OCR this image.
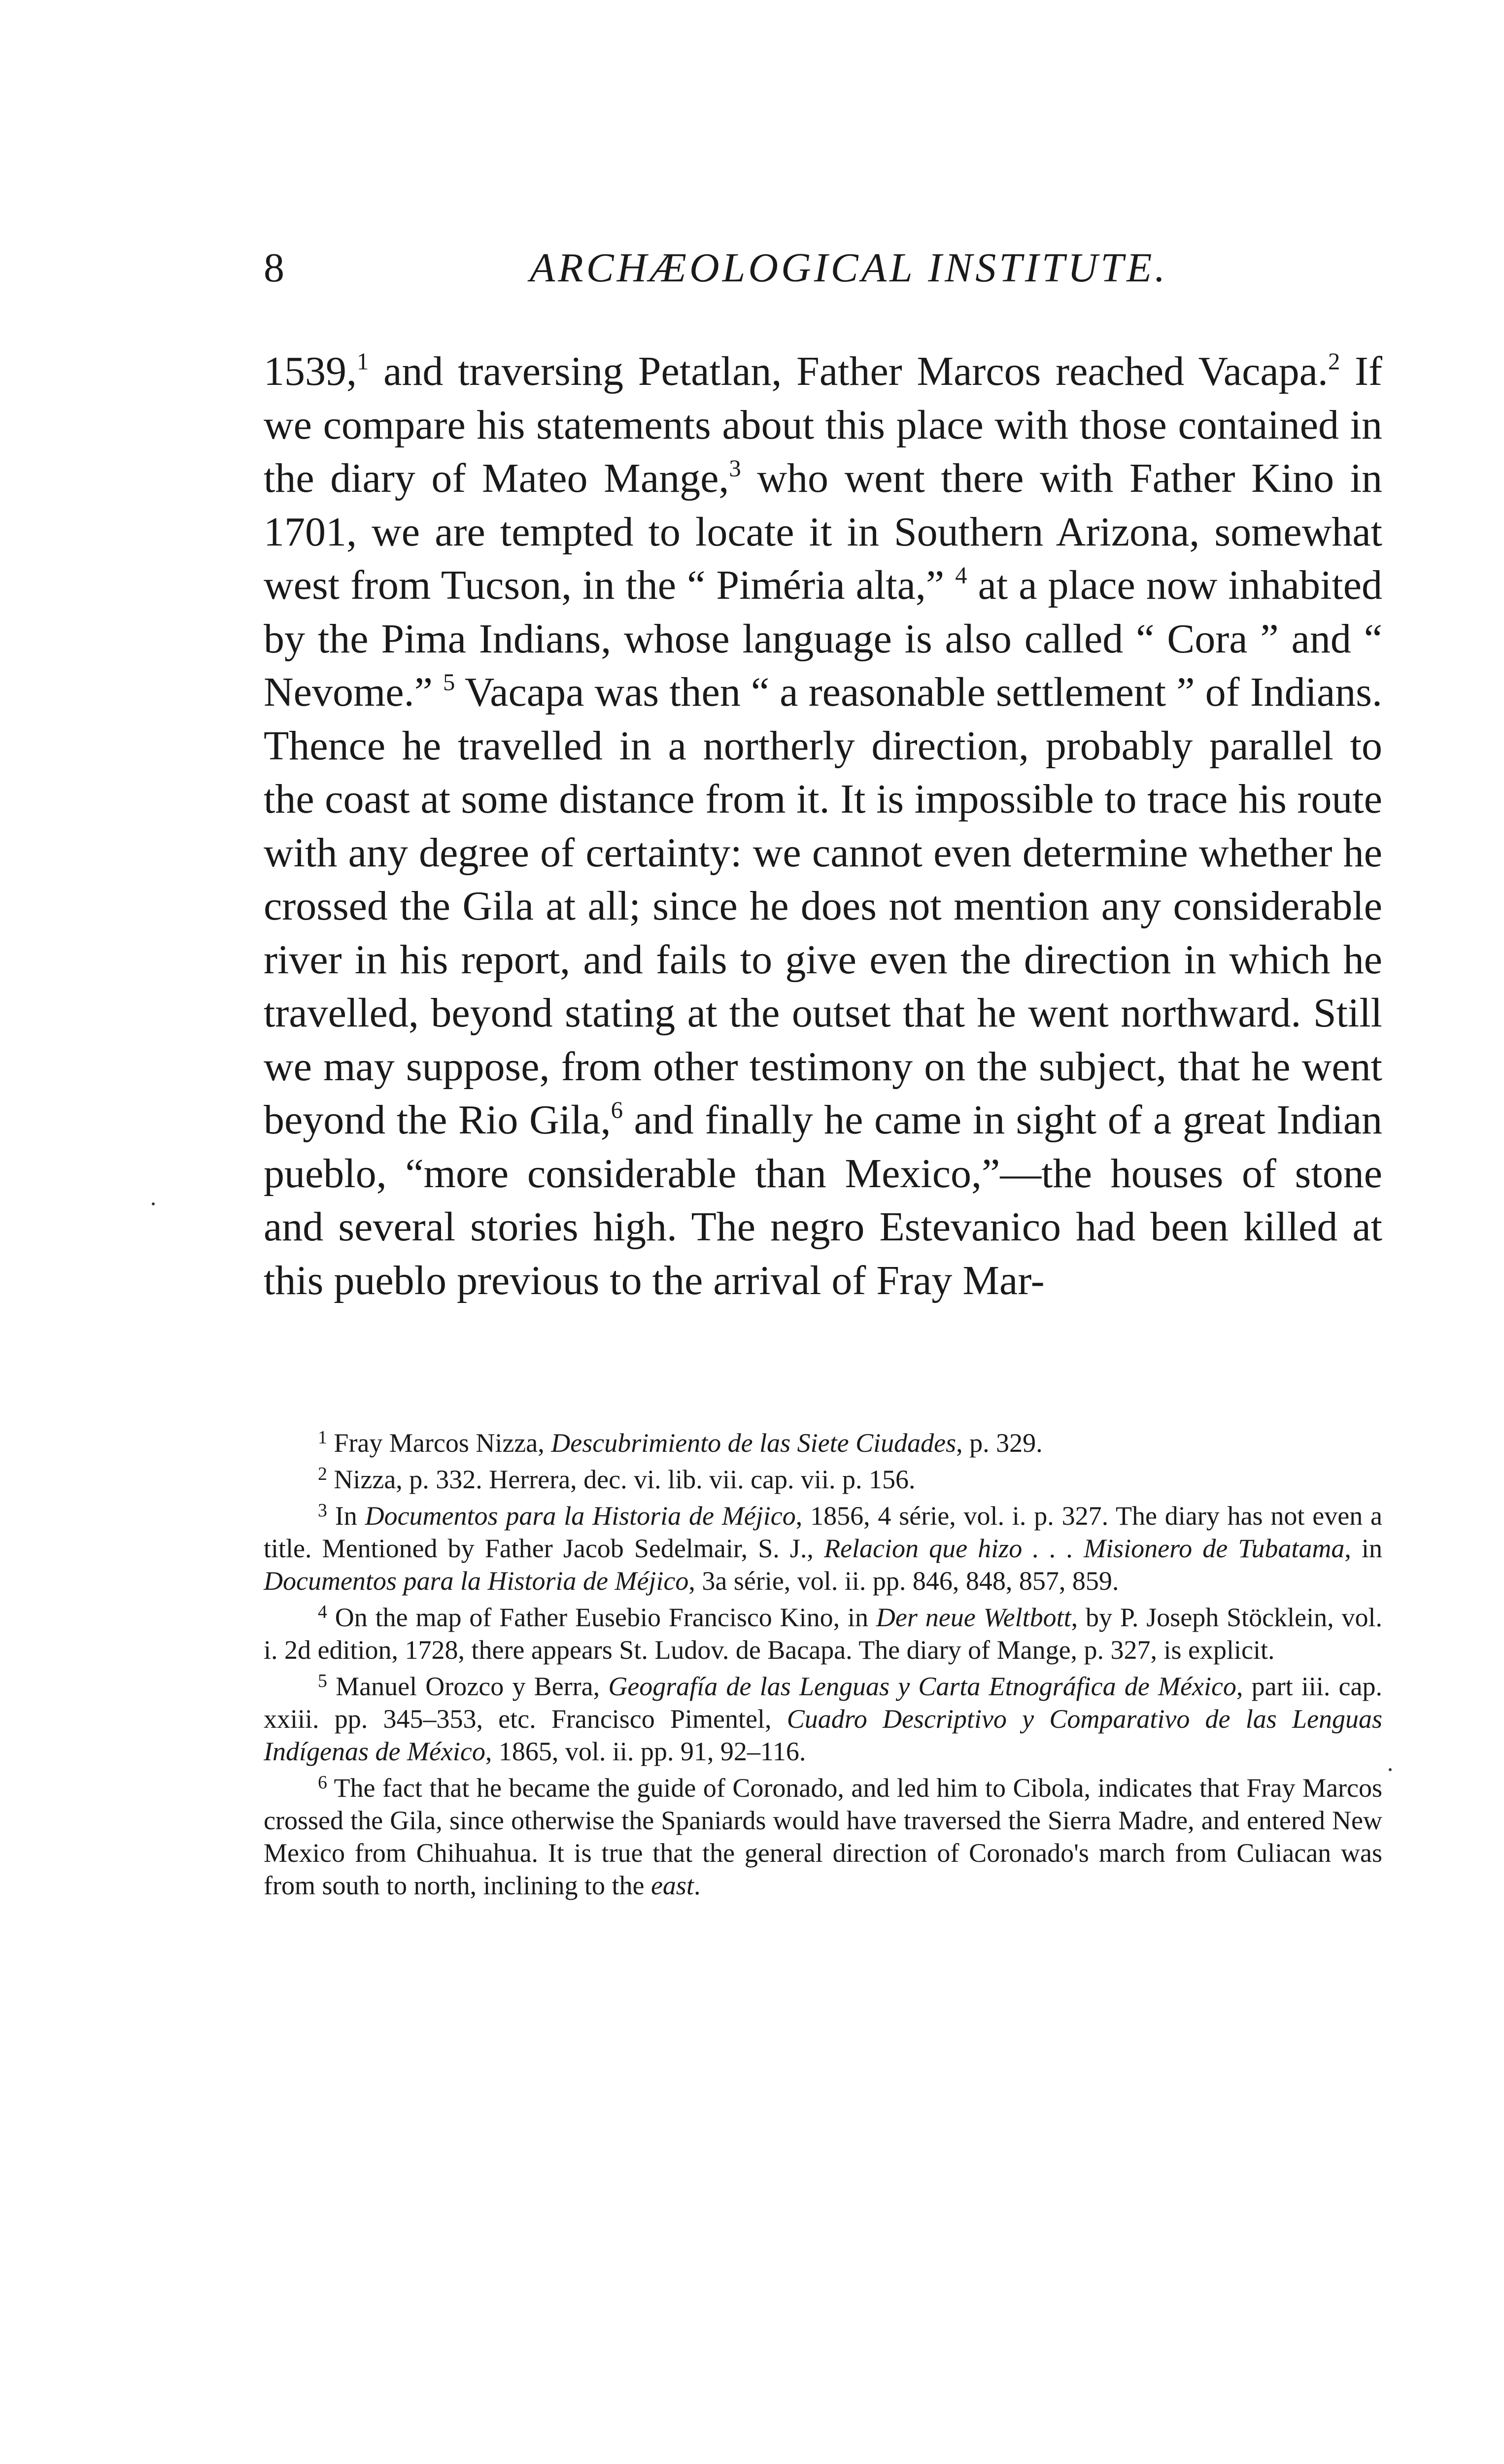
8	ARCHÆOLOGICAL INSTITUTE.

1539,$^1$ and traversing Petatlan, Father Marcos reached Vacapa.$^2$ If we compare his statements about this place with those contained in the diary of Mateo Mange,$^3$ who went there with Father Kino in 1701, we are tempted to locate it in Southern Arizona, somewhat west from Tucson, in the “ Piméria alta,” $^4$ at a place now inhabited by the Pima Indians, whose language is also called “ Cora ” and “ Nevome.” $^5$ Vacapa was then “ a reasonable settlement ” of Indians. Thence he travelled in a northerly direction, probably parallel to the coast at some distance from it. It is impossible to trace his route with any degree of certainty: we cannot even determine whether he crossed the Gila at all; since he does not mention any considerable river in his report, and fails to give even the direction in which he travelled, beyond stating at the outset that he went northward. Still we may suppose, from other testimony on the subject, that he went beyond the Rio Gila,$^6$ and finally he came in sight of a great Indian pueblo, “more considerable than Mexico,”—the houses of stone and several stories high. The negro Estevanico had been killed at this pueblo previous to the arrival of Fray Mar-

$^1$ Fray Marcos Nizza, Descubrimiento de las Siete Ciudades, p. 329.

$^2$ Nizza, p. 332. Herrera, dec. vi. lib. vii. cap. vii. p. 156.

$^3$ In Documentos para la Historia de Méjico, 1856, 4 série, vol. i. p. 327. The diary has not even a title. Mentioned by Father Jacob Sedelmair, S. J., Relacion que hizo . . . Misionero de Tubatama, in Documentos para la Historia de Méjico, 3a série, vol. ii. pp. 846, 848, 857, 859.

$^4$ On the map of Father Eusebio Francisco Kino, in Der neue Weltbott, by P. Joseph Stöcklein, vol. i. 2d edition, 1728, there appears St. Ludov. de Bacapa. The diary of Mange, p. 327, is explicit.

$^5$ Manuel Orozco y Berra, Geografía de las Lenguas y Carta Etnográfica de México, part iii. cap. xxiii. pp. 345–353, etc. Francisco Pimentel, Cuadro Descriptivo y Comparativo de las Lenguas Indígenas de México, 1865, vol. ii. pp. 91, 92–116.

$^6$ The fact that he became the guide of Coronado, and led him to Cibola, indicates that Fray Marcos crossed the Gila, since otherwise the Spaniards would have traversed the Sierra Madre, and entered New Mexico from Chihuahua. It is true that the general direction of Coronado's march from Culiacan was from south to north, inclining to the east.
